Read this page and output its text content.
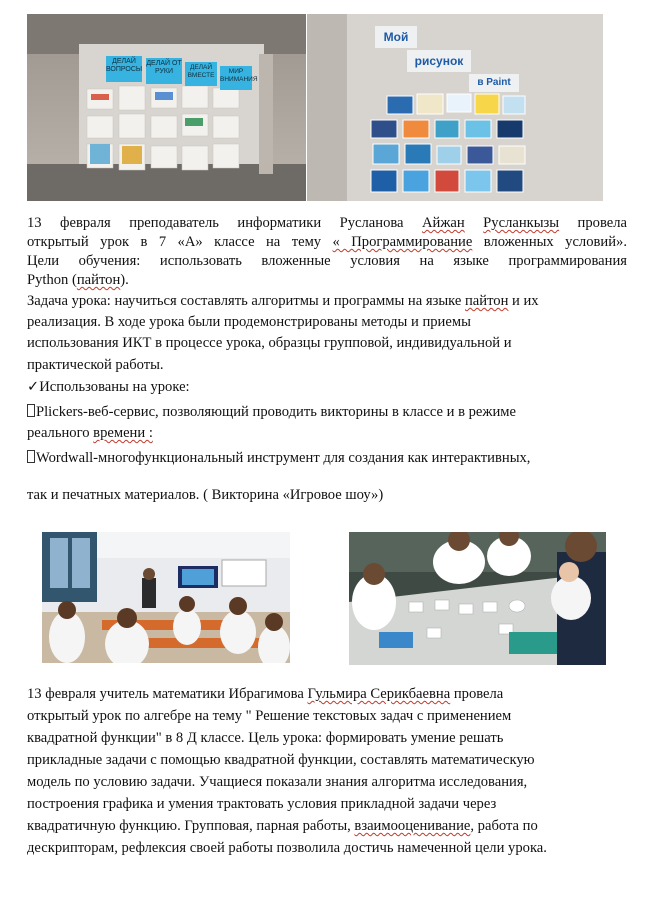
ДЕЛАЙ ВОПРОСЫ
ДЕЛАЙ ОТ РУКИ
ДЕЛАЙ ВМЕСТЕ
МИР ВНИМАНИЯ
Мой
рисунок
в Paint
13 февраля преподаватель информатики Русланова Айжан Русланкызы провела
открытый урок в 7 «А» классе на тему « Программирование вложенных условий».
Цели обучения: использовать вложенные условия на языке программирования
Python (пайтон).
Задача урока: научиться составлять алгоритмы и программы на языке пайтон и их
реализация. В ходе урока были продемонстрированы методы и приемы
использования ИКТ в процессе урока, образцы групповой, индивидуальной и
практической работы.
✓Использованы на уроке:
Plickers-веб-сервис, позволяющий проводить викторины в классе и в режиме
реального времени :
Wordwall-многофункциональный инструмент для создания как интерактивных,
так и печатных материалов. ( Викторина «Игровое шоу»)
13 февраля учитель математики Ибрагимова Гульмира Серикбаевна провела
открытый урок по алгебре на тему " Решение текстовых задач с применением
квадратной функции" в 8 Д классе. Цель урока: формировать умение решать
прикладные задачи с помощью квадратной функции, составлять математическую
модель по условию задачи. Учащиеся показали знания алгоритма исследования,
построения графика и умения трактовать условия прикладной задачи через
квадратичную функцию. Групповая, парная работы, взаимооценивание, работа по
дескрипторам, рефлексия своей работы позволила достичь намеченной цели урока.
